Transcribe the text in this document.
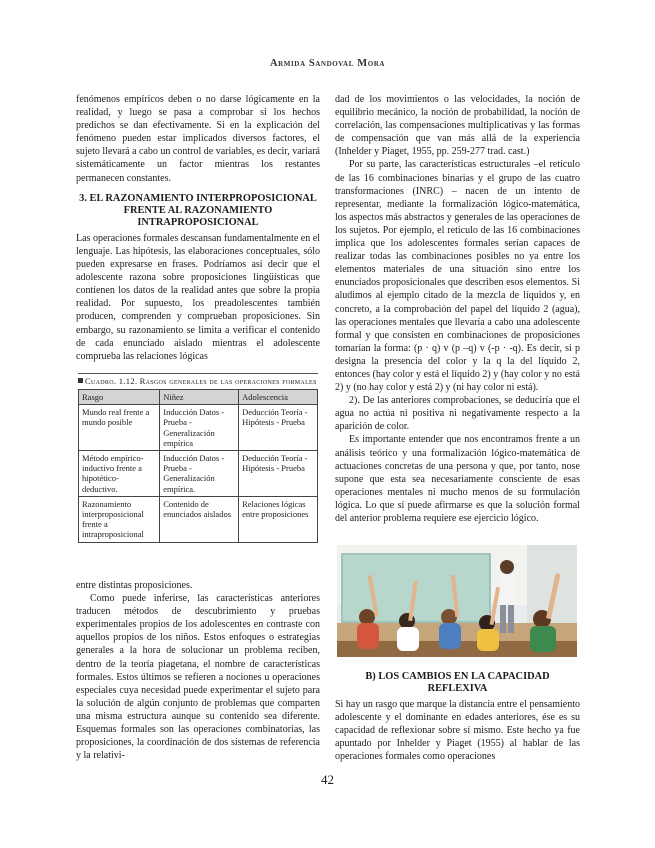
Armida Sandoval Mora

fenómenos empíricos deben o no darse lógicamente en la realidad, y luego se pasa a comprobar si los hechos predichos se dan efectivamente. Si en la explicación del fenómeno pueden estar implicados diversos factores, el sujeto llevará a cabo un control de variables, es decir, variará sistemáticamente un factor mientras los restantes permanecen constantes.

3. EL RAZONAMIENTO INTERPROPOSICIONAL
FRENTE AL RAZONAMIENTO
INTRAPROPOSICIONAL

Las operaciones formales descansan fundamentalmente en el lenguaje. Las hipótesis, las elaboraciones conceptuales, sólo pueden expresarse en frases. Podríamos así decir que el adolescente razona sobre proposiciones lingüísticas que contienen los datos de la realidad antes que sobre la propia realidad. Por supuesto, los preadolescentes también producen, comprenden y comprueban proposiciones. Sin embargo, su razonamiento se limita a verificar el contenido de cada enunciado aislado mientras el adolescente comprueba las relaciones lógicas

Cuadro. 1.12. Rasgos generales de las operaciones formales
Rasgo	Niñez	Adolescencia
Mundo real frente a mundo posible	Inducción Datos - Prueba - Generalización empírica	Deducción Teoría - Hipótesis - Prueba
Método empírico-inductivo frente a hipotético- deductivo.	Inducción Datos - Prueba -Generalización empírica.	Deducción Teoría - Hipótesis - Prueba
Razonamiento interproposicional frente a intraproposicional	Contenido de enunciados aislados	Relaciones lógicas entre proposiciones

entre distintas proposiciones.

Como puede inferirse, las características anteriores traducen métodos de descubrimiento y pruebas experimentales propios de los adolescentes en contraste con aquellos propios de los niños. Estos enfoques o estrategias generales a la hora de solucionar un problema reciben, dentro de la teoría piagetana, el nombre de características formales. Estos últimos se refieren a nociones u operaciones especiales cuya necesidad puede experimentar el sujeto para la solución de algún conjunto de problemas que comparten una misma estructura aunque su contenido sea diferente. Esquemas formales son las operaciones combinatorias, las proposiciones, la coordinación de dos sistemas de referencia y la relativi-

dad de los movimientos o las velocidades, la noción de equilibrio mecánico, la noción de probabilidad, la noción de correlación, las compensaciones multiplicativas y las formas de compensación que van más allá de la experiencia (Inhelder y Piaget, 1955, pp. 259-277 trad. cast.)

Por su parte, las características estructurales –el retículo de las 16 combinaciones binarias y el grupo de las cuatro transformaciones (INRC) – nacen de un intento de representar, mediante la formalización lógico-matemática, los aspectos más abstractos y generales de las operaciones de los sujetos. Por ejemplo, el retículo de las 16 combinaciones implica que los adolescentes formales serían capaces de realizar todas las combinaciones posibles no ya entre los elementos materiales de una situación sino entre los enunciados proposicionales que describen esos elementos. Si aludimos al ejemplo citado de la mezcla de líquidos y, en concreto, a la comprobación del papel del líquido 2 (agua), las operaciones mentales que llevaría a cabo una adolescente formal y que consisten en combinaciones de proposiciones tomarían la forma: (p · q) v (p –q) v (-p · -q). Es decir, si p designa la presencia del color y la q la del líquido 2, entonces (hay color y está el líquido 2) y (hay color y no está 2) y (no hay color y está 2) y (ni hay color ni está).

2). De las anteriores comprobaciones, se deduciría que el agua no actúa ni positiva ni negativamente respecto a la aparición de color.

Es importante entender que nos encontramos frente a un análisis teórico y una formalización lógico-matemática de actuaciones concretas de una persona y que, por tanto, nose supone que esta sea necesariamente consciente de esas operaciones mentales ni mucho menos de su formulación lógica. Lo que sí puede afirmarse es que la solución formal del anterior problema requiere ese ejercicio lógico.

B) LOS CAMBIOS EN LA CAPACIDAD
REFLEXIVA

Si hay un rasgo que marque la distancia entre el pensamiento adolescente y el dominante en edades anteriores, ése es su capacidad de reflexionar sobre sí mismo. Este hecho ya fue apuntado por Inhelder y Piaget (1955) al hablar de las operaciones formales como operaciones

42
